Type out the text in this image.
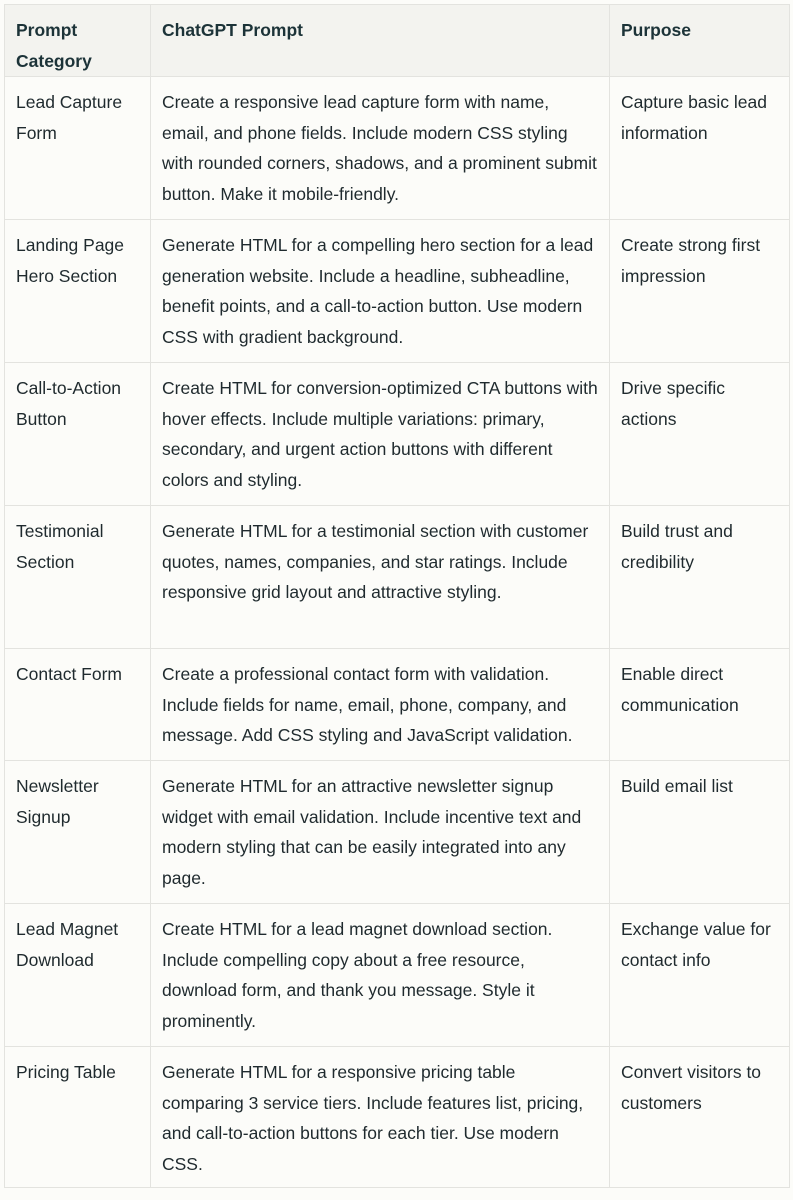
Prompt Category	ChatGPT Prompt	Purpose
Lead Capture Form	Create a responsive lead capture form with name, email, and phone fields. Include modern CSS styling with rounded corners, shadows, and a prominent submit button. Make it mobile-friendly.	Capture basic lead information
Landing Page Hero Section	Generate HTML for a compelling hero section for a lead generation website. Include a headline, subheadline, benefit points, and a call-to-action button. Use modern CSS with gradient background.	Create strong first impression
Call-to-Action Button	Create HTML for conversion-optimized CTA buttons with hover effects. Include multiple variations: primary, secondary, and urgent action buttons with different colors and styling.	Drive specific actions
Testimonial Section	Generate HTML for a testimonial section with customer quotes, names, companies, and star ratings. Include responsive grid layout and attractive styling.	Build trust and credibility
Contact Form	Create a professional contact form with validation. Include fields for name, email, phone, company, and message. Add CSS styling and JavaScript validation.	Enable direct communication
Newsletter Signup	Generate HTML for an attractive newsletter signup widget with email validation. Include incentive text and modern styling that can be easily integrated into any page.	Build email list
Lead Magnet Download	Create HTML for a lead magnet download section. Include compelling copy about a free resource, download form, and thank you message. Style it prominently.	Exchange value for contact info
Pricing Table	Generate HTML for a responsive pricing table comparing 3 service tiers. Include features list, pricing, and call-to-action buttons for each tier. Use modern CSS.	Convert visitors to customers
